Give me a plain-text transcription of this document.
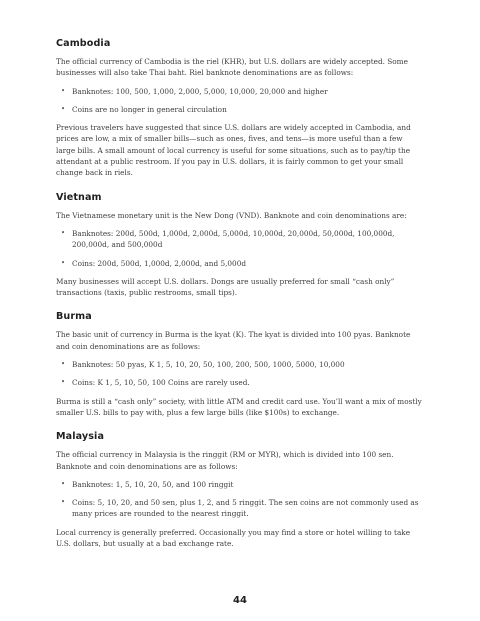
Cambodia

The official currency of Cambodia is the riel (KHR), but U.S. dollars are widely accepted. Some businesses will also take Thai baht. Riel banknote denominations are as follows:

• Banknotes: 100, 500, 1,000, 2,000, 5,000, 10,000, 20,000 and higher
• Coins are no longer in general circulation

Previous travelers have suggested that since U.S. dollars are widely accepted in Cambodia, and prices are low, a mix of smaller bills—such as ones, fives, and tens—is more useful than a few large bills. A small amount of local currency is useful for some situations, such as to pay/tip the attendant at a public restroom. If you pay in U.S. dollars, it is fairly common to get your small change back in riels.

Vietnam

The Vietnamese monetary unit is the New Dong (VND). Banknote and coin denominations are:

• Banknotes: 200d, 500d, 1,000d, 2,000d, 5,000d, 10,000d, 20,000d, 50,000d, 100,000d, 200,000d, and 500,000d
• Coins: 200d, 500d, 1,000d, 2,000d, and 5,000d

Many businesses will accept U.S. dollars. Dongs are usually preferred for small “cash only” transactions (taxis, public restrooms, small tips).

Burma

The basic unit of currency in Burma is the kyat (K). The kyat is divided into 100 pyas. Banknote and coin denominations are as follows:

• Banknotes: 50 pyas, K 1, 5, 10, 20, 50, 100, 200, 500, 1000, 5000, 10,000
• Coins: K 1, 5, 10, 50, 100 Coins are rarely used.

Burma is still a “cash only” society, with little ATM and credit card use. You’ll want a mix of mostly smaller U.S. bills to pay with, plus a few large bills (like $100s) to exchange.

Malaysia

The official currency in Malaysia is the ringgit (RM or MYR), which is divided into 100 sen. Banknote and coin denominations are as follows:

• Banknotes: 1, 5, 10, 20, 50, and 100 ringgit
• Coins: 5, 10, 20, and 50 sen, plus 1, 2, and 5 ringgit. The sen coins are not commonly used as many prices are rounded to the nearest ringgit.

Local currency is generally preferred. Occasionally you may find a store or hotel willing to take U.S. dollars, but usually at a bad exchange rate.

44
